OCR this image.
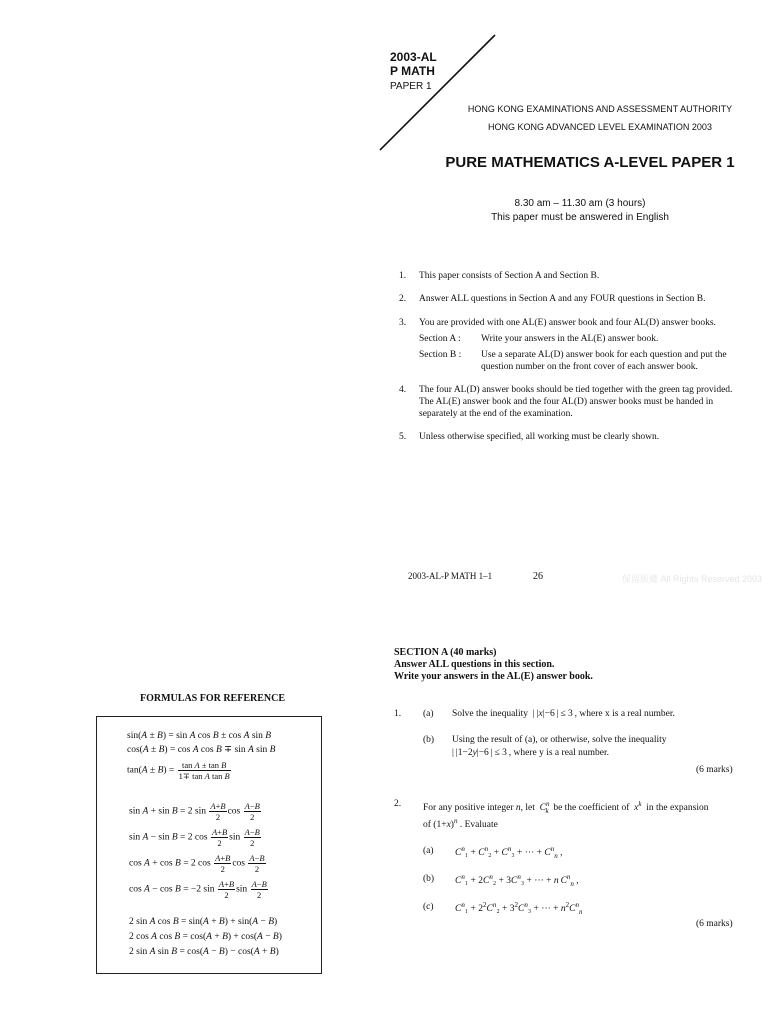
2003-AL
P MATH
PAPER 1
HONG KONG EXAMINATIONS AND ASSESSMENT AUTHORITY
HONG KONG ADVANCED LEVEL EXAMINATION 2003
PURE MATHEMATICS A-LEVEL PAPER 1
8.30 am – 11.30 am (3 hours)
This paper must be answered in English
1. This paper consists of Section A and Section B.
2. Answer ALL questions in Section A and any FOUR questions in Section B.
3. You are provided with one AL(E) answer book and four AL(D) answer books.
Section A :	Write your answers in the AL(E) answer book.
Section B :	Use a separate AL(D) answer book for each question and put the question number on the front cover of each answer book.
4. The four AL(D) answer books should be tied together with the green tag provided. The AL(E) answer book and the four AL(D) answer books must be handed in separately at the end of the examination.
5. Unless otherwise specified, all working must be clearly shown.
2003-AL-P MATH 1–1	26	保留版權 All Rights Reserved 2003
FORMULAS FOR REFERENCE
sin(A ± B) = sin A cos B ± cos A sin B
cos(A ± B) = cos A cos B ∓ sin A sin B
$\tan(A \pm B) = \frac{\text{tan A ± tan B}}{\text{1∓ tan A tan B}}$
sin A + sin B = 2 $\sin \frac{A+B}{2}$ $\cos \frac{A-B}{2}$
sin A − sin B = 2 $\cos \frac{A+B}{2}$ $\sin \frac{A-B}{2}$
cos A + cos B = 2 $\cos \frac{A+B}{2}$ $\cos \frac{A-B}{2}$
cos A − cos B = −2 $\sin \frac{A+B}{2}$ $\sin \frac{A-B}{2}$
2 sin A cos B = sin(A + B) + sin(A − B)
2 cos A cos B = cos(A + B) + cos(A − B)
2 sin A sin B = cos(A − B) − cos(A + B)
SECTION A (40 marks)
Answer ALL questions in this section.
Write your answers in the AL(E) answer book.
1. (a) Solve the inequality  | |x|−6 | ≤ 3 , where x is a real number.
(b) Using the result of (a), or otherwise, solve the inequality
| |1−2y|−6 | ≤ 3 , where y is a real number.
(6 marks)
2. For any positive integer n, let $C^n_k$ be the coefficient of $x^k$ in the expansion
of $(1+x)^n$ . Evaluate
(a) $C^n_1 + C^n_2 + C^n_3$ + ··· + $C^n_n$ ,
(b) $C^n_1 + 2C^n_2 + 3C^n_3$ + ··· + n  $C^n_n$ ,
(c) $C^n_1 + 2^2C^n_2 + 3^2C^n_3$ + ··· + $n^2C^n_n$
(6 marks)
